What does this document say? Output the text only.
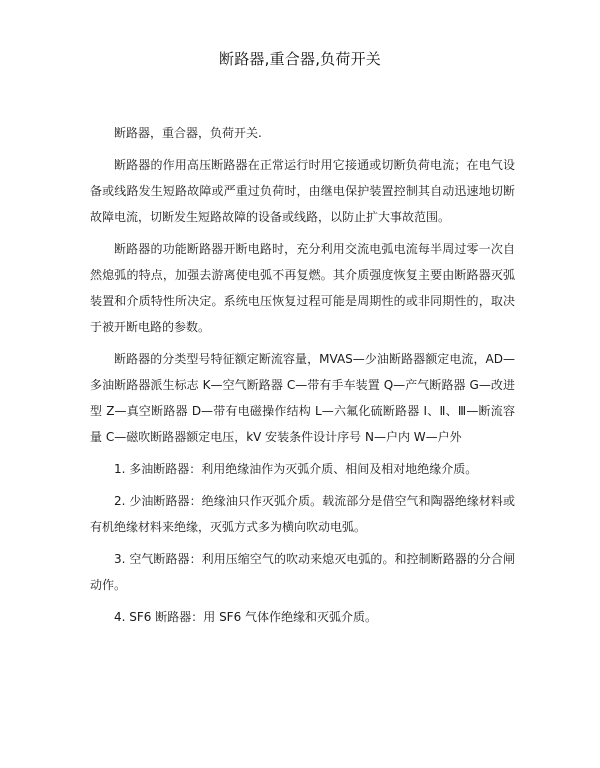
断路器,重合器,负荷开关

断路器，重合器，负荷开关.

断路器的作用高压断路器在正常运行时用它接通或切断负荷电流；在电气设备或线路发生短路故障或严重过负荷时，由继电保护装置控制其自动迅速地切断故障电流，切断发生短路故障的设备或线路，以防止扩大事故范围。

断路器的功能断路器开断电路时，充分利用交流电弧电流每半周过零一次自然熄弧的特点，加强去游离使电弧不再复燃。其介质强度恢复主要由断路器灭弧装置和介质特性所决定。系统电压恢复过程可能是周期性的或非同期性的，取决于被开断电路的参数。

断路器的分类型号特征额定断流容量，MVAS—少油断路器额定电流，AD—多油断路器派生标志 K—空气断路器 C—带有手车装置 Q—产气断路器 G—改进型 Z—真空断路器 D—带有电磁操作结构 L—六氟化硫断路器 Ⅰ、Ⅱ、Ⅲ—断流容量 C—磁吹断路器额定电压，kV 安装条件设计序号 N—户内 W—户外

1. 多油断路器：利用绝缘油作为灭弧介质、相间及相对地绝缘介质。

2. 少油断路器：绝缘油只作灭弧介质。载流部分是借空气和陶器绝缘材料或有机绝缘材料来绝缘，灭弧方式多为横向吹动电弧。

3. 空气断路器：利用压缩空气的吹动来熄灭电弧的。和控制断路器的分合闸动作。

4. SF6 断路器：用 SF6 气体作绝缘和灭弧介质。
